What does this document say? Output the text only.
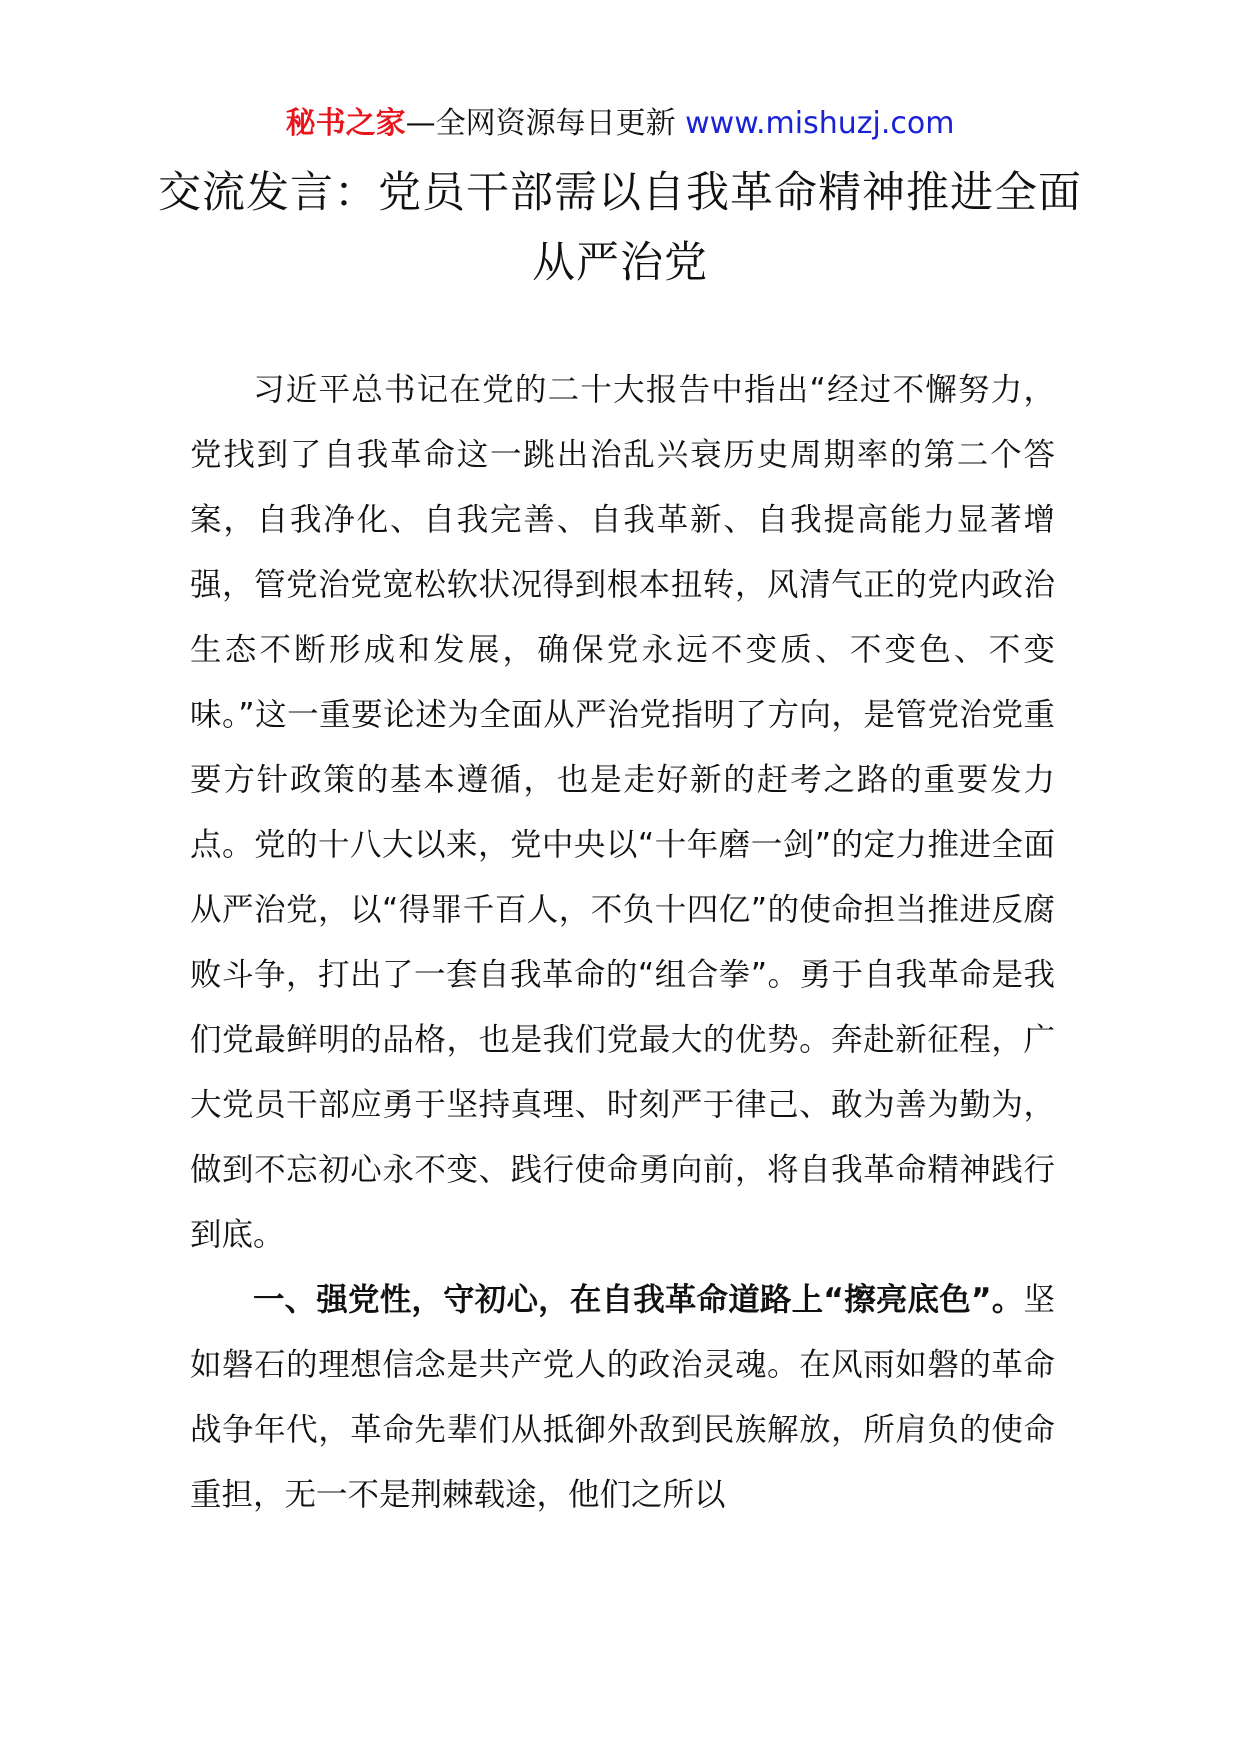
秘书之家—全网资源每日更新 www.mishuzj.com
交流发言：党员干部需以自我革命精神推进全面从严治党

习近平总书记在党的二十大报告中指出“经过不懈努力，党找到了自我革命这一跳出治乱兴衰历史周期率的第二个答案，自我净化、自我完善、自我革新、自我提高能力显著增强，管党治党宽松软状况得到根本扭转，风清气正的党内政治生态不断形成和发展，确保党永远不变质、不变色、不变味。”这一重要论述为全面从严治党指明了方向，是管党治党重要方针政策的基本遵循，也是走好新的赶考之路的重要发力点。党的十八大以来，党中央以“十年磨一剑”的定力推进全面从严治党，以“得罪千百人，不负十四亿”的使命担当推进反腐败斗争，打出了一套自我革命的“组合拳”。勇于自我革命是我们党最鲜明的品格，也是我们党最大的优势。奔赴新征程，广大党员干部应勇于坚持真理、时刻严于律己、敢为善为勤为，做到不忘初心永不变、践行使命勇向前，将自我革命精神践行到底。

一、强党性，守初心，在自我革命道路上“擦亮底色”。坚如磐石的理想信念是共产党人的政治灵魂。在风雨如磐的革命战争年代，革命先辈们从抵御外敌到民族解放，所肩负的使命重担，无一不是荆棘载途，他们之所以
